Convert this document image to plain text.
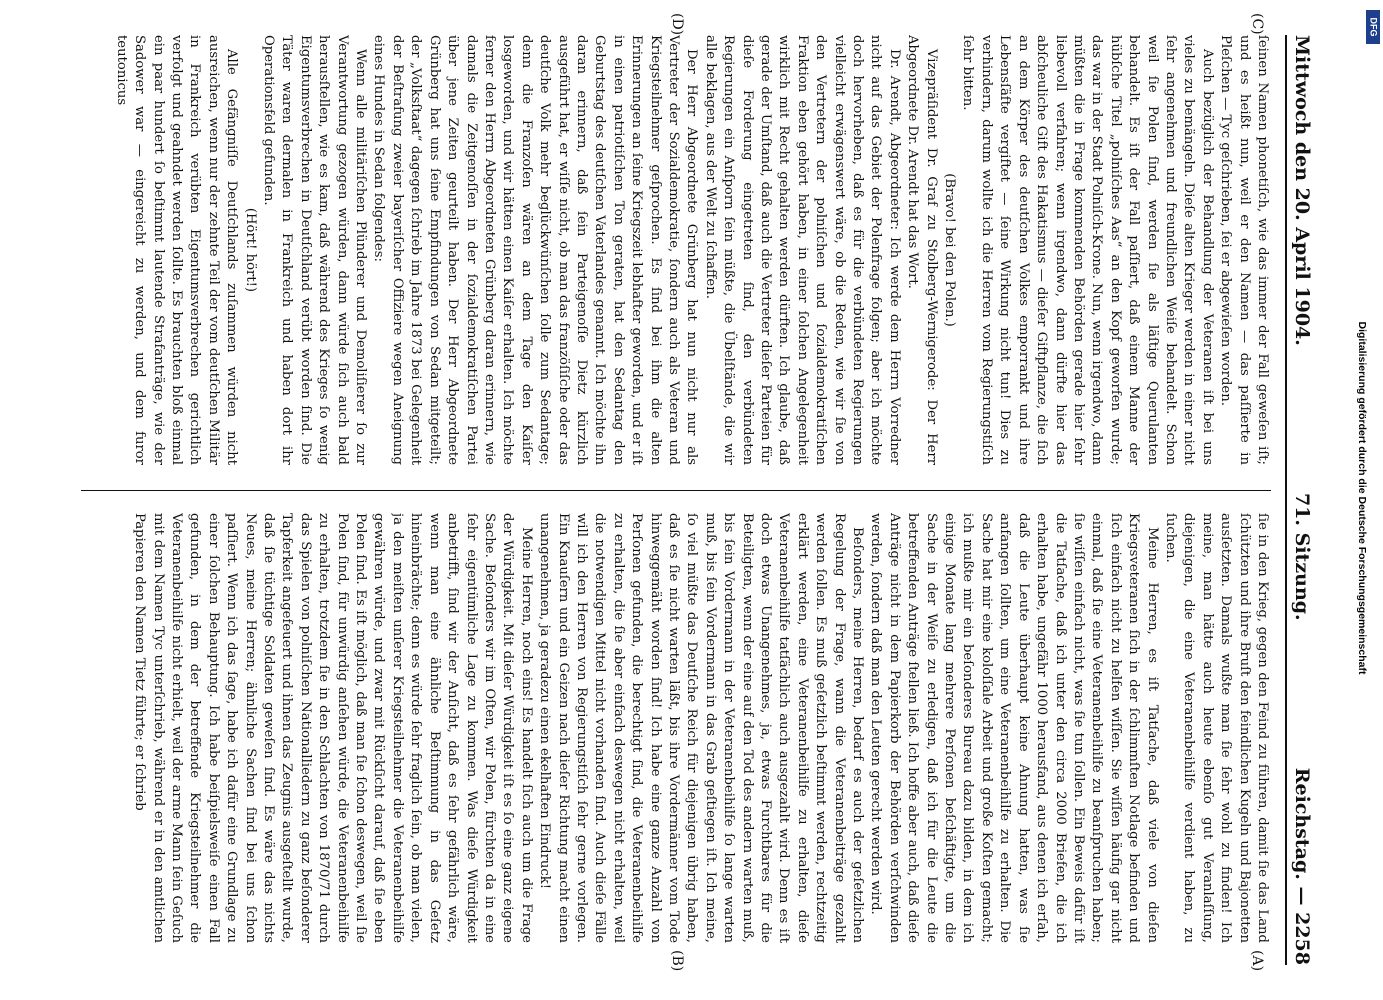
Mittwoch den 20. April 1904.
71. Sitzung.
Reichstag. — 2258

ſeinen Namen phonetiſch, wie das immer der Fall geweſen iſt; und es heißt nun, weil er den Namen — das paſſierte in Pleſchen — Tyc geſchrieben, ſei er abgewieſen worden.

Auch bezüglich der Behandlung der Veteranen iſt bei uns vieles zu bemängeln. Dieſe alten Krieger werden in einer nicht ſehr angenehmen und freundlichen Weiſe behandelt. Schon weil ſie Polen ſind, werden ſie als läſtige Querulanten behandelt. Es iſt der Fall paſſiert, daß einem Manne der hübſche Titel „polniſches Aas“ an den Kopf geworfen wurde; das war in der Stadt Polniſch-Krone. Nun, wenn irgendwo, dann müßten die in Frage kommenden Behörden gerade hier ſehr liebevoll verfahren; wenn irgendwo, dann dürfte hier das abſcheuliche Gift des Hakatismus — dieſer Giftpflanze, die ſich an dem Körper des deutſchen Volkes emporrankt und ihre Lebensſäfte vergiftet — ſeine Wirkung nicht tun! Dies zu verhindern, darum wollte ich die Herren vom Regierungstiſch ſehr bitten.

(Bravo! bei den Polen.)

Vizepräſident Dr. Graf zu Stolberg-Wernigerode: Der Herr Abgeordnete Dr. Arendt hat das Wort.

Dr. Arendt, Abgeordneter: Ich werde dem Herrn Vorredner nicht auf das Gebiet der Polenfrage folgen; aber ich möchte doch hervorheben, daß es für die verbündeten Regierungen vielleicht erwägenswert wäre, ob die Reden, wie wir ſie von den Vertretern der polniſchen und ſozialdemokratiſchen Fraktion eben gehört haben, in einer ſolchen Angelegenheit wirklich mit Recht gehalten werden dürften. Ich glaube, daß gerade der Umſtand, daß auch die Vertreter dieſer Parteien für dieſe Forderung eingetreten ſind, den verbündeten Regierungen ein Anſporn ſein müßte, die Übelſtände, die wir alle beklagen, aus der Welt zu ſchaffen.

Der Herr Abgeordnete Grünberg hat nun nicht nur als Vertreter der Sozialdemokratie, ſondern auch als Veteran und Kriegsteilnehmer geſprochen. Es ſind bei ihm die alten Erinnerungen an ſeine Kriegszeit lebhafter geworden, und er iſt in einen patriotiſchen Ton geraten, hat den Sedantag den Geburtstag des deutſchen Vaterlandes genannt. Ich möchte ihn daran erinnern, daß ſein Parteigenoſſe Dietz kürzlich ausgeführt hat, er wiſſe nicht, ob man das franzöſiſche oder das deutſche Volk mehr beglückwünſchen ſolle zum Sedantage; denn die Franzoſen wären an dem Tage den Kaiſer losgeworden, und wir hätten einen Kaiſer erhalten. Ich möchte ferner den Herrn Abgeordneten Grünberg daran erinnern, wie damals die Zeitgenoſſen in der ſozialdemokratiſchen Partei über jene Zeiten geurteilt haben. Der Herr Abgeordnete Grünberg hat uns ſeine Empfindungen von Sedan mitgeteilt; der „Volksſtaat“ dagegen ſchrieb im Jahre 1873 bei Gelegenheit der Beſtrafung zweier bayeriſcher Offiziere wegen Aneignung eines Hundes in Sedan folgendes:

Wenn alle militäriſchen Plünderer und Demoliſierer ſo zur Verantwortung gezogen würden, dann würde ſich auch bald herausſtellen, wie es kam, daß während des Krieges ſo wenig Eigentumsverbrechen in Deutſchland verübt worden ſind. Die Täter waren dermalen in Frankreich und haben dort ihr Operationsfeld gefunden.

(Hört! hört!)

Alle Gefängniſſe Deutſchlands zuſammen würden nicht ausreichen, wenn nur der zehnte Teil der vom deutſchen Militär in Frankreich verübten Eigentumsverbrechen gerichtlich verfolgt und geahndet werden ſollte. Es brauchten bloß einmal ein paar hundert ſo beſtimmt lautende Strafanträge, wie der Sadower war — eingereicht zu werden, und dem furor teutonicus

ſie in den Krieg, gegen den Feind zu führen, damit ſie das Land ſchützten und ihre Bruſt den feindlichen Kugeln und Bajonetten ausſetzten. Damals wußte man ſie ſehr wohl zu finden! Ich meine, man hätte auch heute ebenſo gut Veranlaſſung, diejenigen, die eine Veteranenbeihilfe verdient haben, zu ſuchen.

Meine Herren, es iſt Tatſache, daß viele von dieſen Kriegsveteranen ſich in der ſchlimmſten Notlage befinden und ſich einfach nicht zu helfen wiſſen. Sie wiſſen häufig gar nicht einmal, daß ſie eine Veteranenbeihilfe zu beanſpruchen haben; ſie wiſſen einfach nicht, was ſie tun ſollen. Ein Beweis dafür iſt die Tatſache, daß ich unter den circa 2000 Briefen, die ich erhalten habe, ungefähr 1000 herausfand, aus denen ich erſah, daß die Leute überhaupt keine Ahnung hatten, was ſie anfangen ſollten, um eine Veteranenbeihilfe zu erhalten. Die Sache hat mir eine koloſſale Arbeit und große Koſten gemacht; ich mußte mir ein beſonderes Bureau dazu bilden, in dem ich einige Monate lang mehrere Perſonen beſchäftigte, um die Sache in der Weiſe zu erledigen, daß ich für die Leute die betreffenden Anträge ſtellen ließ. Ich hoffe aber auch, daß dieſe Anträge nicht in dem Papierkorb der Behörden verſchwinden werden, ſondern daß man den Leuten gerecht werden wird.

Beſonders, meine Herren, bedarf es auch der geſetzlichen Regelung der Frage, wann die Veteranenbeiträge gezahlt werden ſollen. Es muß geſetzlich beſtimmt werden, rechtzeitig erklärt werden, eine Veteranenbeihilfe zu erhalten, dieſe Veteranenbeihilfe tatſächlich auch ausgezahlt wird. Denn es iſt doch etwas Unangenehmes, ja, etwas Furchtbares für die Beteiligten, wenn der eine auf den Tod des andern warten muß, bis ſein Vordermann in der Veteranenbeihilfe ſo lange warten muß, bis ſein Vordermann in das Grab geſtiegen iſt. Ich meine, ſo viel müßte das Deutſche Reich für diejenigen übrig haben, daß es ſie nicht warten läßt, bis ihre Vordermänner vom Tode hinweggemäht worden ſind! Ich habe eine ganze Anzahl von Perſonen gefunden, die berechtigt ſind, die Veteranenbeihilfe zu erhalten, die ſie aber einfach deswegen nicht erhalten, weil die notwendigen Mittel nicht vorhanden ſind. Auch dieſe Fälle will ich den Herren von Regierungstiſch ſehr gerne vorlegen. Ein Knauſern und ein Geizen nach dieſer Richtung macht einen unangenehmen, ja geradezu einen ekelhaften Eindruck!

Meine Herren, noch eins! Es handelt ſich auch um die Frage der Würdigkeit. Mit dieſer Würdigkeit iſt es ſo eine ganz eigene Sache. Beſonders wir im Oſten, wir Polen, fürchten da in eine ſehr eigentümliche Lage zu kommen. Was dieſe Würdigkeit anbetrifft, ſind wir der Anſicht, daß es ſehr gefährlich wäre, wenn man eine ähnliche Beſtimmung in das Geſetz hineinbrächte; denn es würde ſehr fraglich ſein, ob man vielen, ja den meiſten unſerer Kriegsteilnehmer die Veteranenbeihilfe gewähren würde, und zwar mit Rückſicht darauf, daß ſie eben Polen ſind. Es iſt möglich, daß man ſie ſchon deswegen, weil ſie Polen ſind, für unwürdig anſehen würde, die Veteranenbeihilfe zu erhalten, trotzdem ſie in den Schlachten von 1870/71 durch das Spielen von polniſchen Nationalliedern zu ganz beſonderer Tapferkeit angefeuert und ihnen das Zeugnis ausgeſtellt wurde, daß ſie tüchtige Soldaten geweſen ſind. Es wäre das nichts Neues, meine Herren; ähnliche Sachen ſind bei uns ſchon paſſiert. Wenn ich das ſage, habe ich dafür eine Grundlage zu einer ſolchen Behauptung. Ich habe beiſpielsweiſe einen Fall gefunden, in dem der betreffende Kriegsteilnehmer die Veteranenbeihilfe nicht erhielt, weil der arme Mann ſein Geſuch mit dem Namen Tyc unterſchrieb, während er in den amtlichen Papieren den Namen Tietz führte; er ſchrieb

(C)
(D)
(A)
(B)
Digitalisierung gefördert durch die Deutsche Forschungsgemeinschaft
DFG
